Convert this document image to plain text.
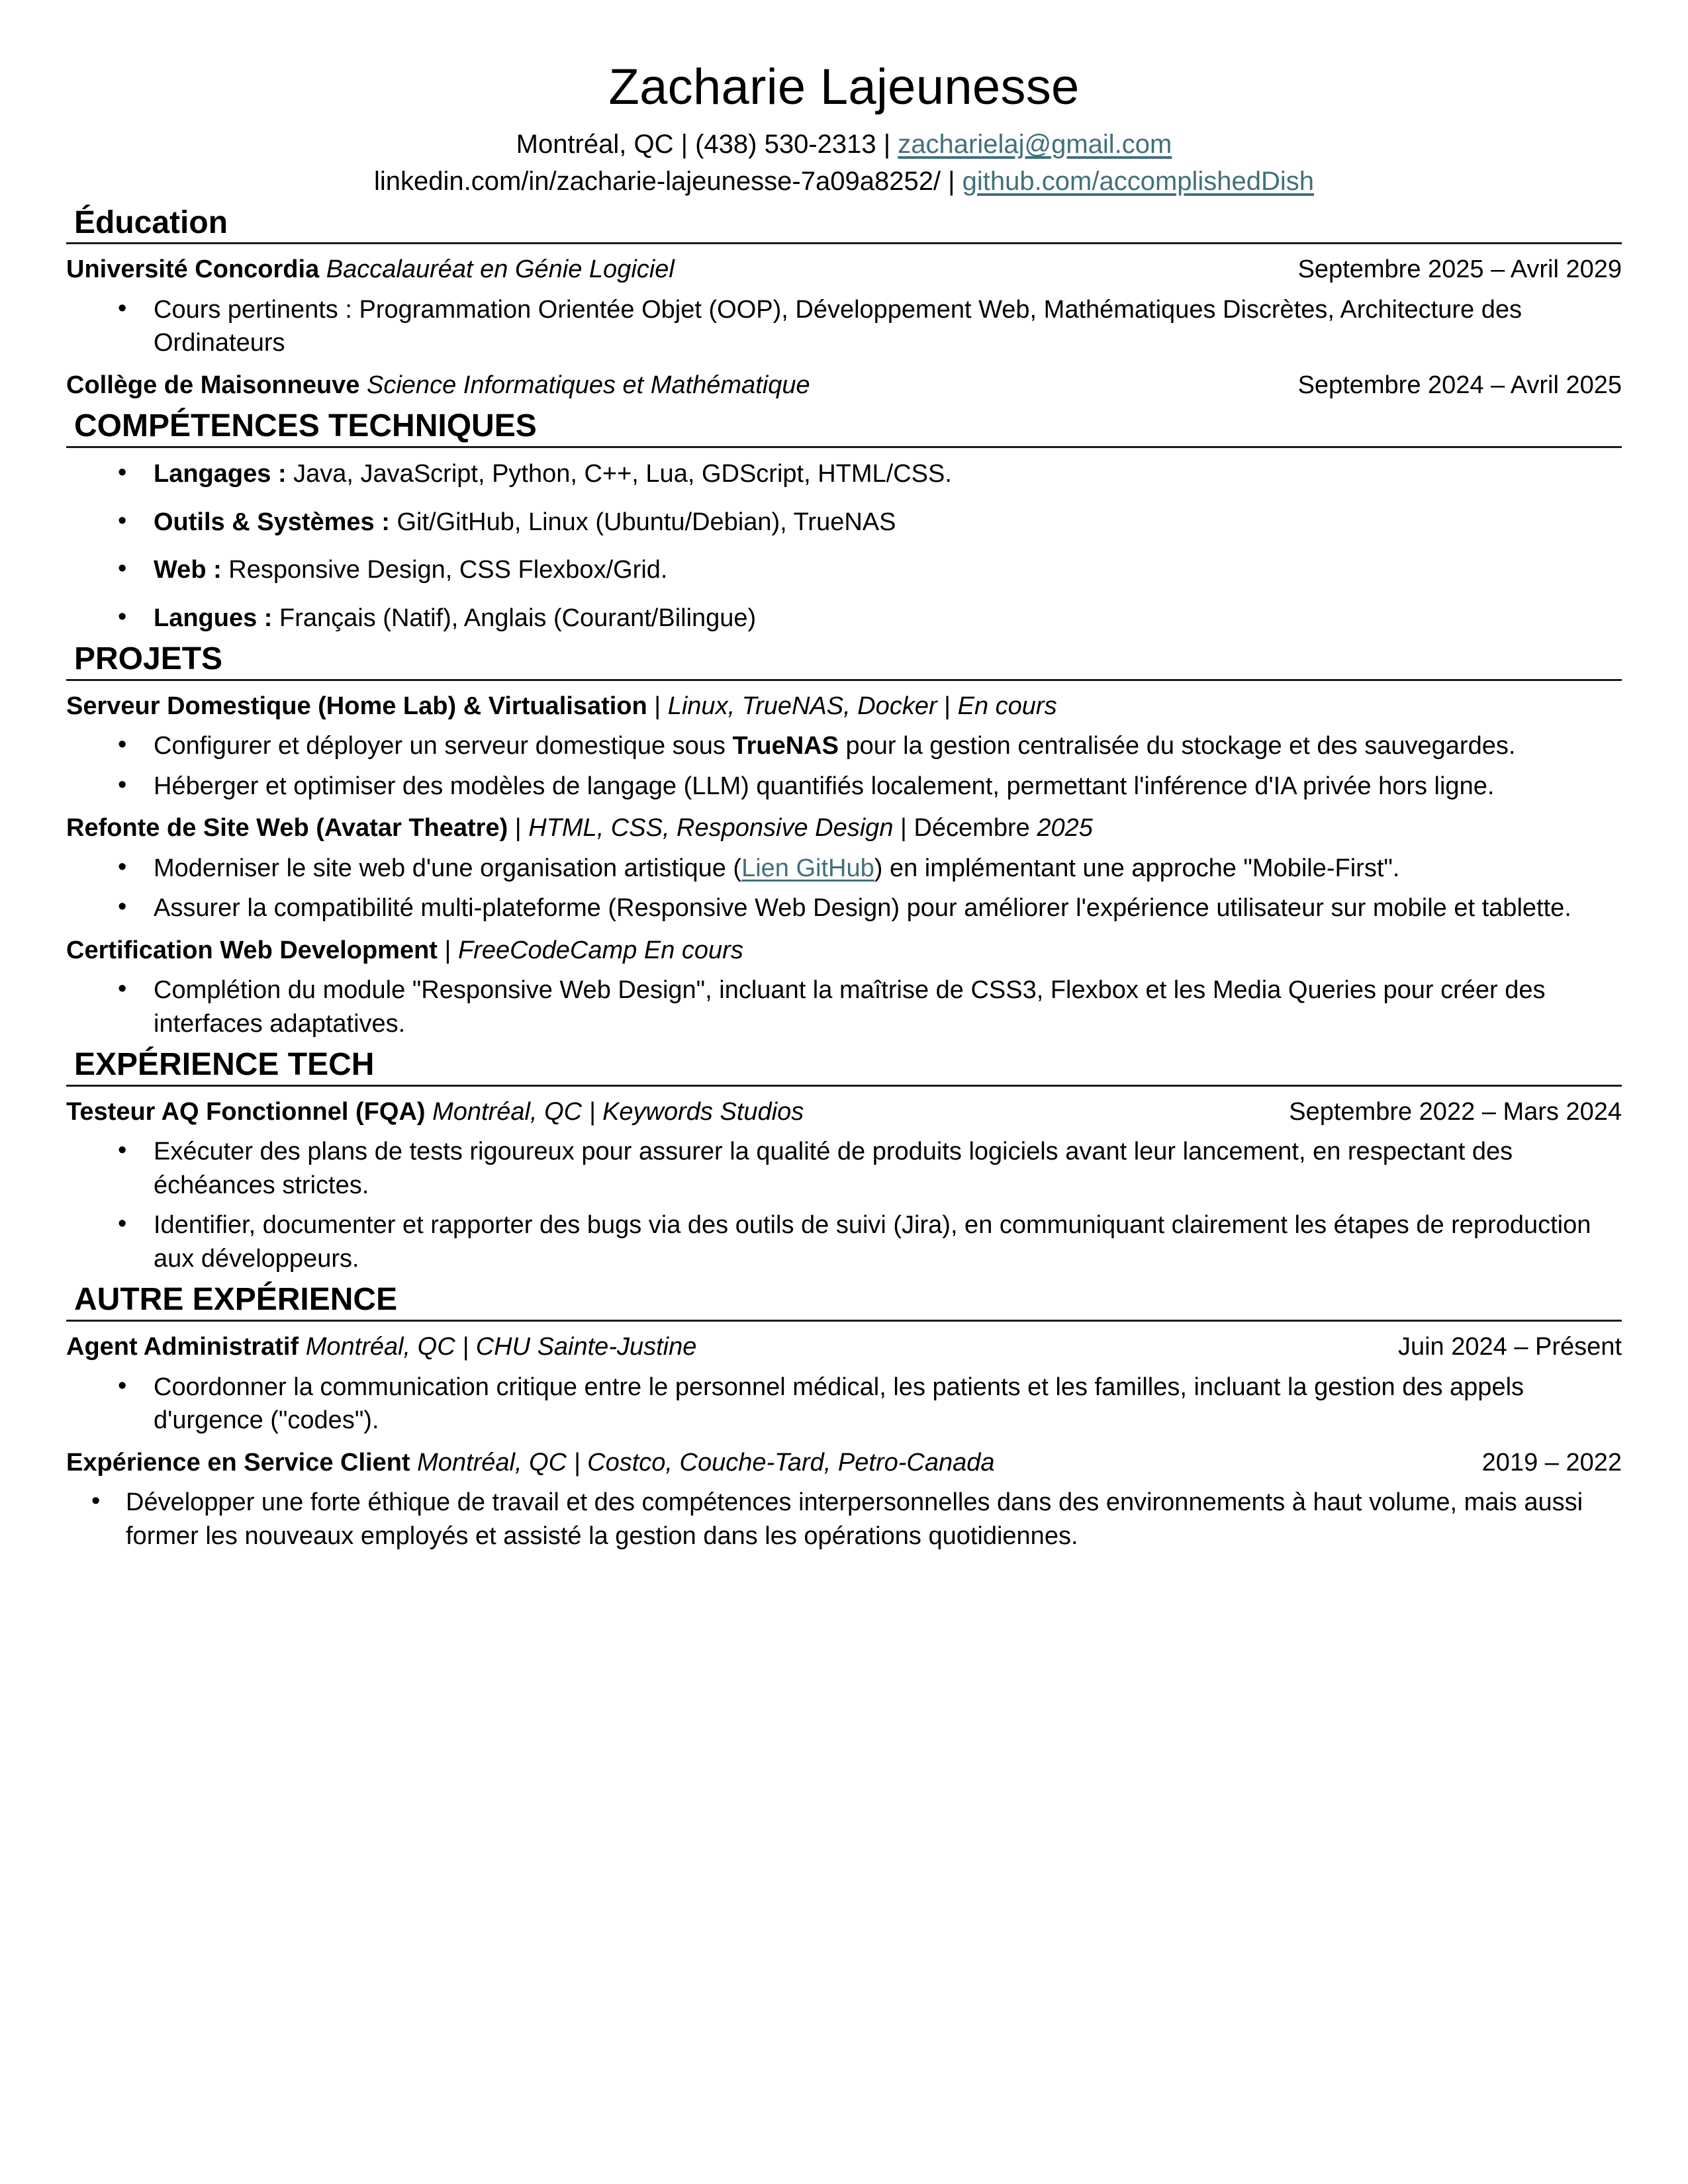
Zacharie Lajeunesse
Montréal, QC | (438) 530-2313 | zacharielaj@gmail.com
linkedin.com/in/zacharie-lajeunesse-7a09a8252/ | github.com/accomplishedDish
Éducation
Université Concordia Baccalauréat en Génie Logiciel	Septembre 2025 – Avril 2029
• Cours pertinents : Programmation Orientée Objet (OOP), Développement Web, Mathématiques Discrètes, Architecture des Ordinateurs
Collège de Maisonneuve Science Informatiques et Mathématique	Septembre 2024 – Avril 2025
COMPÉTENCES TECHNIQUES
• Langages : Java, JavaScript, Python, C++, Lua, GDScript, HTML/CSS.
• Outils & Systèmes : Git/GitHub, Linux (Ubuntu/Debian), TrueNAS
• Web : Responsive Design, CSS Flexbox/Grid.
• Langues : Français (Natif), Anglais (Courant/Bilingue)
PROJETS
Serveur Domestique (Home Lab) & Virtualisation | Linux, TrueNAS, Docker | En cours
• Configurer et déployer un serveur domestique sous TrueNAS pour la gestion centralisée du stockage et des sauvegardes.
• Héberger et optimiser des modèles de langage (LLM) quantifiés localement, permettant l'inférence d'IA privée hors ligne.
Refonte de Site Web (Avatar Theatre) | HTML, CSS, Responsive Design | Décembre 2025
• Moderniser le site web d'une organisation artistique (Lien GitHub) en implémentant une approche "Mobile-First".
• Assurer la compatibilité multi-plateforme (Responsive Web Design) pour améliorer l'expérience utilisateur sur mobile et tablette.
Certification Web Development | FreeCodeCamp En cours
• Complétion du module "Responsive Web Design", incluant la maîtrise de CSS3, Flexbox et les Media Queries pour créer des interfaces adaptatives.
EXPÉRIENCE TECH
Testeur AQ Fonctionnel (FQA) Montréal, QC | Keywords Studios	Septembre 2022 – Mars 2024
• Exécuter des plans de tests rigoureux pour assurer la qualité de produits logiciels avant leur lancement, en respectant des échéances strictes.
• Identifier, documenter et rapporter des bugs via des outils de suivi (Jira), en communiquant clairement les étapes de reproduction aux développeurs.
AUTRE EXPÉRIENCE
Agent Administratif Montréal, QC | CHU Sainte-Justine	Juin 2024 – Présent
• Coordonner la communication critique entre le personnel médical, les patients et les familles, incluant la gestion des appels d'urgence ("codes").
Expérience en Service Client Montréal, QC | Costco, Couche-Tard, Petro-Canada	2019 – 2022
• Développer une forte éthique de travail et des compétences interpersonnelles dans des environnements à haut volume, mais aussi former les nouveaux employés et assisté la gestion dans les opérations quotidiennes.
